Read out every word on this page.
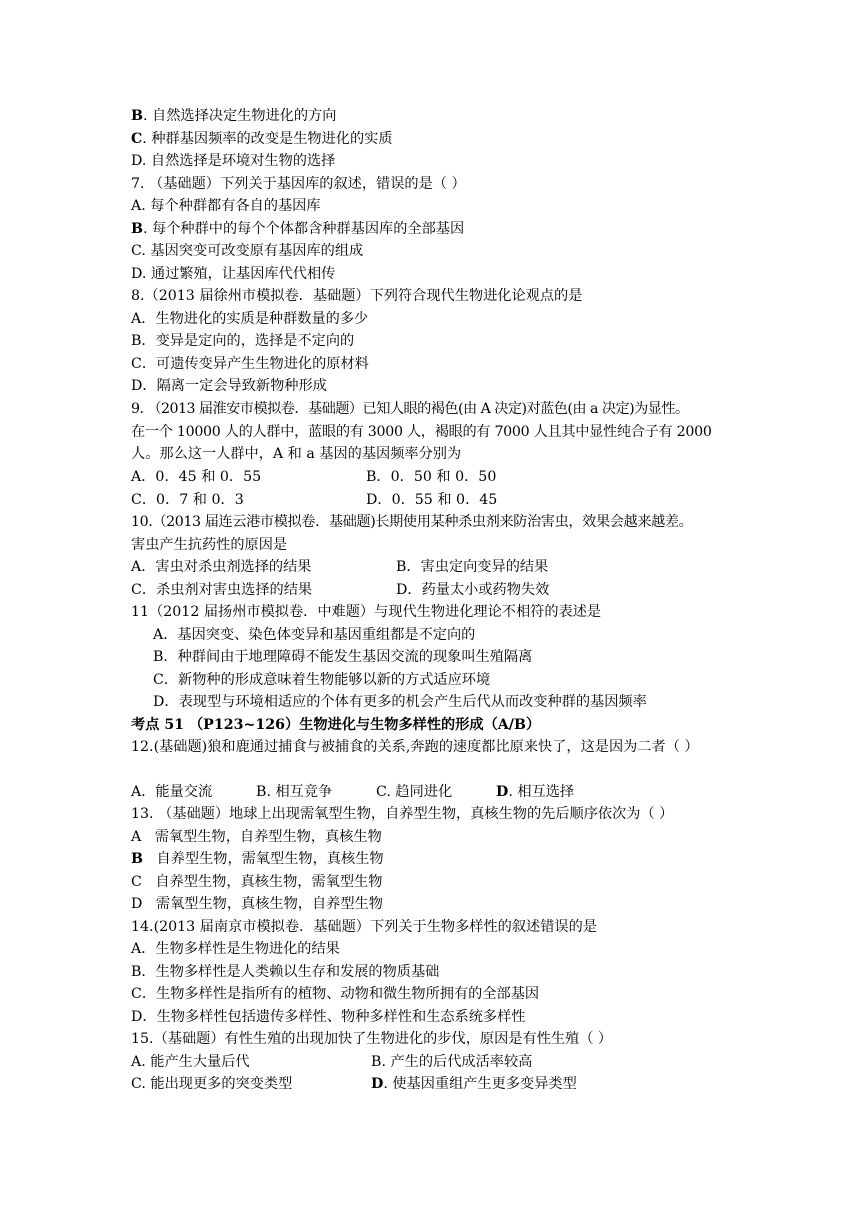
B. 自然选择决定生物进化的方向
C. 种群基因频率的改变是生物进化的实质
D. 自然选择是环境对生物的选择
7. （基础题）下列关于基因库的叙述，错误的是（ ）
A. 每个种群都有各自的基因库
B. 每个种群中的每个个体都含种群基因库的全部基因
C. 基因突变可改变原有基因库的组成
D. 通过繁殖，让基因库代代相传
8.（2013 届徐州市模拟卷．基础题）下列符合现代生物进化论观点的是
A．生物进化的实质是种群数量的多少
B．变异是定向的，选择是不定向的
C．可遗传变异产生生物进化的原材料
D．隔离一定会导致新物种形成
9. （2013 届淮安市模拟卷．基础题）已知人眼的褐色(由 A 决定)对蓝色(由 a 决定)为显性。
在一个 10000 人的人群中，蓝眼的有 3000 人，褐眼的有 7000 人且其中显性纯合子有 2000
人。那么这一人群中，A 和 a 基因的基因频率分别为
A．0．45 和 0．55	B．0．50 和 0．50
C．0．7 和 0．3	D．0．55 和 0．45
10.（2013 届连云港市模拟卷．基础题)长期使用某种杀虫剂来防治害虫，效果会越来越差。
害虫产生抗药性的原因是
A．害虫对杀虫剂选择的结果	B．害虫定向变异的结果
C．杀虫剂对害虫选择的结果	D．药量太小或药物失效
11（2012 届扬州市模拟卷．中难题）与现代生物进化理论不相符的表述是
A．基因突变、染色体变异和基因重组都是不定向的
B．种群间由于地理障碍不能发生基因交流的现象叫生殖隔离
C．新物种的形成意味着生物能够以新的方式适应环境
D．表现型与环境相适应的个体有更多的机会产生后代从而改变种群的基因频率
考点 51 （P123~126）生物进化与生物多样性的形成（A/B）
12.(基础题)狼和鹿通过捕食与被捕食的关系,奔跑的速度都比原来快了，这是因为二者（ ）
A．能量交流	B. 相互竞争	C. 趋同进化	D. 相互选择
13. （基础题）地球上出现需氧型生物，自养型生物，真核生物的先后顺序依次为（ ）
A   需氧型生物，自养型生物，真核生物
B   自养型生物，需氧型生物，真核生物
C   自养型生物，真核生物，需氧型生物
D   需氧型生物，真核生物，自养型生物
14.(2013 届南京市模拟卷．基础题）下列关于生物多样性的叙述错误的是
A．生物多样性是生物进化的结果
B．生物多样性是人类赖以生存和发展的物质基础
C．生物多样性是指所有的植物、动物和微生物所拥有的全部基因
D．生物多样性包括遗传多样性、物种多样性和生态系统多样性
15.（基础题）有性生殖的出现加快了生物进化的步伐，原因是有性生殖（ ）
A. 能产生大量后代	B. 产生的后代成活率较高
C. 能出现更多的突变类型	D. 使基因重组产生更多变异类型
